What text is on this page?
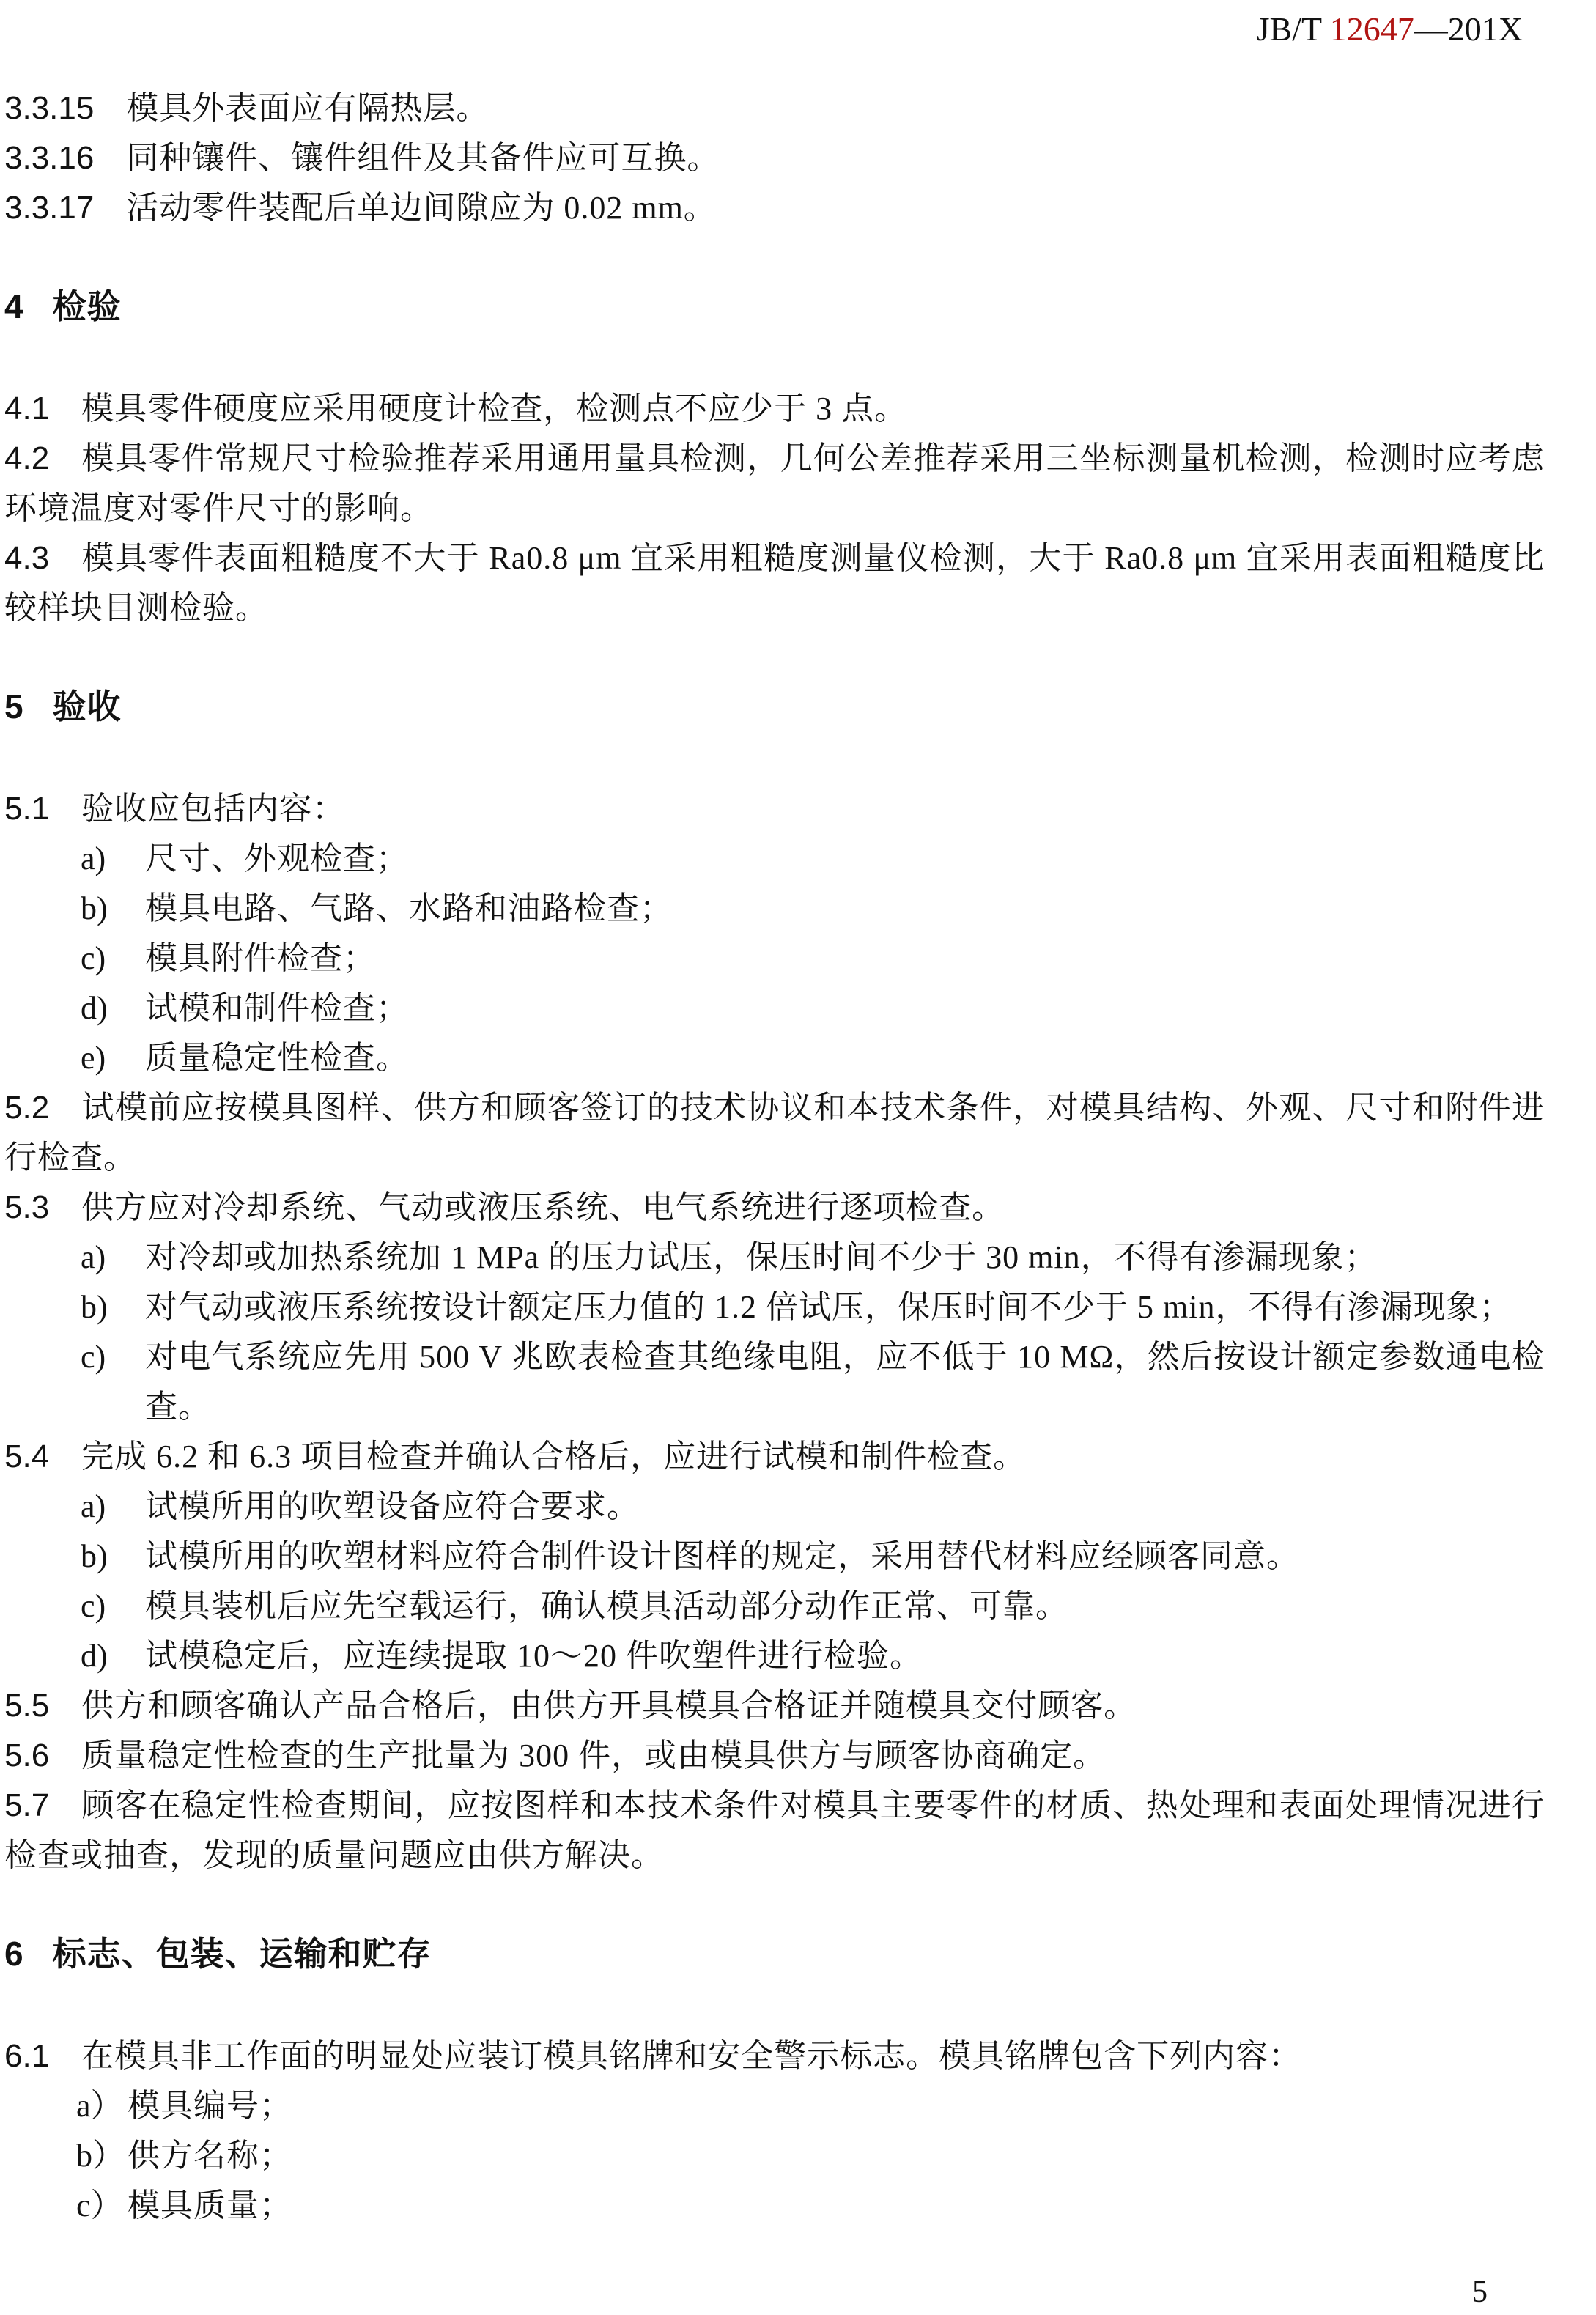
JB/T 12647—201X
3.3.15 模具外表面应有隔热层。
3.3.16 同种镶件、镶件组件及其备件应可互换。
3.3.17 活动零件装配后单边间隙应为 0.02 mm。
4 检验
4.1 模具零件硬度应采用硬度计检查，检测点不应少于 3 点。
4.2 模具零件常规尺寸检验推荐采用通用量具检测，几何公差推荐采用三坐标测量机检测，检测时应考虑环境温度对零件尺寸的影响。
4.3 模具零件表面粗糙度不大于 Ra0.8 μm 宜采用粗糙度测量仪检测，大于 Ra0.8 μm 宜采用表面粗糙度比较样块目测检验。
5 验收
5.1 验收应包括内容：
a) 尺寸、外观检查；
b) 模具电路、气路、水路和油路检查；
c) 模具附件检查；
d) 试模和制件检查；
e) 质量稳定性检查。
5.2 试模前应按模具图样、供方和顾客签订的技术协议和本技术条件，对模具结构、外观、尺寸和附件进行检查。
5.3 供方应对冷却系统、气动或液压系统、电气系统进行逐项检查。
a) 对冷却或加热系统加 1 MPa 的压力试压，保压时间不少于 30 min，不得有渗漏现象；
b) 对气动或液压系统按设计额定压力值的 1.2 倍试压，保压时间不少于 5 min，不得有渗漏现象；
c) 对电气系统应先用 500 V 兆欧表检查其绝缘电阻，应不低于 10 MΩ，然后按设计额定参数通电检查。
5.4 完成 6.2 和 6.3 项目检查并确认合格后，应进行试模和制件检查。
a) 试模所用的吹塑设备应符合要求。
b) 试模所用的吹塑材料应符合制件设计图样的规定，采用替代材料应经顾客同意。
c) 模具装机后应先空载运行，确认模具活动部分动作正常、可靠。
d) 试模稳定后，应连续提取 10～20 件吹塑件进行检验。
5.5 供方和顾客确认产品合格后，由供方开具模具合格证并随模具交付顾客。
5.6 质量稳定性检查的生产批量为 300 件，或由模具供方与顾客协商确定。
5.7 顾客在稳定性检查期间，应按图样和本技术条件对模具主要零件的材质、热处理和表面处理情况进行检查或抽查，发现的质量问题应由供方解决。
6 标志、包装、运输和贮存
6.1 在模具非工作面的明显处应装订模具铭牌和安全警示标志。模具铭牌包含下列内容：
a） 模具编号；
b）供方名称；
c） 模具质量；
5
